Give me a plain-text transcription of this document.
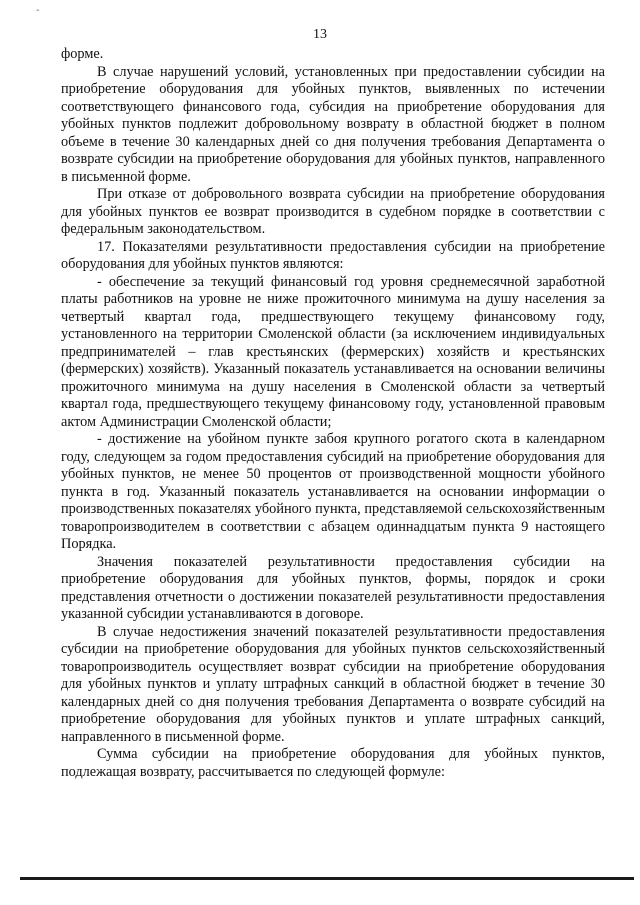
-
13

форме.

В случае нарушений условий, установленных при предоставлении субсидии на приобретение оборудования для убойных пунктов, выявленных по истечении соответствующего финансового года, субсидия на приобретение оборудования для убойных пунктов подлежит добровольному возврату в областной бюджет в полном объеме в течение 30 календарных дней со дня получения требования Департамента о возврате субсидии на приобретение оборудования для убойных пунктов, направленного в письменной форме.

При отказе от добровольного возврата субсидии на приобретение оборудования для убойных пунктов ее возврат производится в судебном порядке в соответствии с федеральным законодательством.

17. Показателями результативности предоставления субсидии на приобретение оборудования для убойных пунктов являются:

- обеспечение за текущий финансовый год уровня среднемесячной заработной платы работников на уровне не ниже прожиточного минимума на душу населения за четвертый квартал года, предшествующего текущему финансовому году, установленного на территории Смоленской области (за исключением индивидуальных предпринимателей – глав крестьянских (фермерских) хозяйств и крестьянских (фермерских) хозяйств). Указанный показатель устанавливается на основании величины прожиточного минимума на душу населения в Смоленской области за четвертый квартал года, предшествующего текущему финансовому году, установленной правовым актом Администрации Смоленской области;

- достижение на убойном пункте забоя крупного рогатого скота в календарном году, следующем за годом предоставления субсидий на приобретение оборудования для убойных пунктов, не менее 50 процентов от производственной мощности убойного пункта в год. Указанный показатель устанавливается на основании информации о производственных показателях убойного пункта, представляемой сельскохозяйственным товаропроизводителем в соответствии с абзацем одиннадцатым пункта 9 настоящего Порядка.

Значения показателей результативности предоставления субсидии на приобретение оборудования для убойных пунктов, формы, порядок и сроки представления отчетности о достижении показателей результативности предоставления указанной субсидии устанавливаются в договоре.

В случае недостижения значений показателей результативности предоставления субсидии на приобретение оборудования для убойных пунктов сельскохозяйственный товаропроизводитель осуществляет возврат субсидии на приобретение оборудования для убойных пунктов и уплату штрафных санкций в областной бюджет в течение 30 календарных дней со дня получения требования Департамента о возврате субсидий на приобретение оборудования для убойных пунктов и уплате штрафных санкций, направленного в письменной форме.

Сумма субсидии на приобретение оборудования для убойных пунктов, подлежащая возврату, рассчитывается по следующей формуле:
